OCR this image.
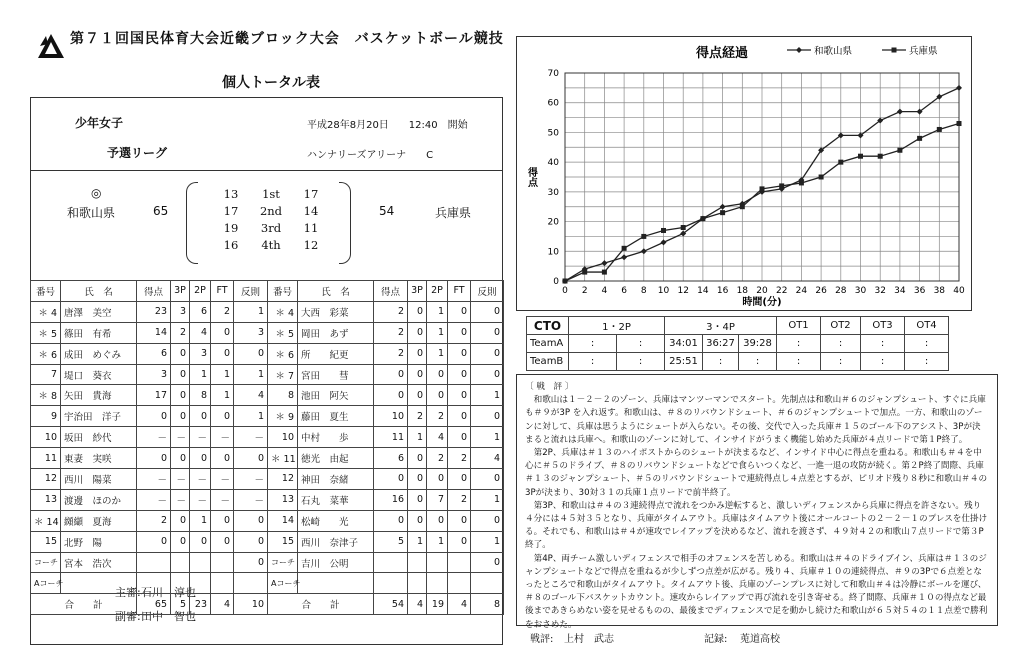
第７１回国民体育大会近畿ブロック大会　バスケットボール競技
個人トータル表
少年女子	平成28年8月20日　　12:40　開始
予選リーグ	ハンナリーズアリーナ　　C
◎
和歌山県	65
13	1st	17
17	2nd	14
19	3rd	11
16	4th	12
54	兵庫県
主審: 石川　淳也
副審: 田中　智也
番号	氏　名	得点	3P	2P	FT	反則
＊ 4	唐澤　美空	23	3	6	2	1
＊ 5	篠田　有希	14	2	4	0	3
＊ 6	成田　めぐみ	6	0	3	0	0
7	堤口　葵衣	3	0	1	1	1
＊ 8	矢田　貴海	17	0	8	1	4
9	宇治田　洋子	0	0	0	0	1
10	坂田　紗代	－	－	－	－	－
11	東妻　実咲	0	0	0	0	0
12	西川　陽菜	－	－	－	－	－
13	渡邊　ほのか	－	－	－	－	－
＊ 14	纐纈　夏海	2	0	1	0	0
15	北野　陽	0	0	0	0	0
コーチ	宮本　浩次					0
Aコーチ						
合　　計		65	5	23	4	10
番号	氏　名	得点	3P	2P	FT	反則
＊ 4	大西　彩菜	2	0	1	0	0
＊ 5	岡田　あず	2	0	1	0	0
＊ 6	所　　紀更	2	0	1	0	0
＊ 7	宮田　　彗	0	0	0	0	0
8	池田　阿矢	0	0	0	0	1
＊ 9	藤田　夏生	10	2	2	0	0
10	中村　　歩	11	1	4	0	1
＊ 11	徳光　由起	6	0	2	2	4
12	神田　奈緒	0	0	0	0	0
13	石丸　菜華	16	0	7	2	1
14	松崎　　光	0	0	0	0	0
15	西川　奈津子	5	1	1	0	1
コーチ	吉川　公明					0
Aコーチ						
合　　計		54	4	19	4	8
0 2 4 6 8 10 12 14 16 18 20 22 24 26 28 30 32 34 36 38 40
0
10
20
30
40
50
60
70
時間(分)
得点
得点経過	和歌山県	兵庫県
CTO	1・2P		3・4P			OT1	OT2	OT3	OT4
TeamA	:	:	34:01	36:27	39:28	:	:	:	:
TeamB	:	:	25:51	:	:	:	:	:	:
〔 戦　評 〕

和歌山は１－２－２のゾーン、兵庫はマンツーマンでスタート。先制点は和歌山＃６のジャンプシュート、すぐに兵庫も＃９が3P を入れ返す。和歌山は、＃８のリバウンドシュート、＃６のジャンプシュートで加点。一方、和歌山のゾーンに対して、兵庫は思うようにシュートが入らない。その後、交代で入った兵庫＃１５のゴール下のアシスト、3Pが決まると流れは兵庫へ。和歌山のゾーンに対して、インサイドがうまく機能し始めた兵庫が４点リードで第１P終了。

第2P、兵庫は＃１３のハイポストからのシュートが決まるなど、インサイド中心に得点を重ねる。和歌山も＃４を中心に＃５のドライブ、＃８のリバウンドシュートなどで食らいつくなど、一進一退の攻防が続く。第２P終了間際、兵庫＃１３のジャンプシュート、＃５のリバウンドシュートで連続得点し４点差とするが、ピリオド残り８秒に和歌山＃４の3Pが決まり、30対３１の兵庫１点リードで前半終了。

第3P、和歌山は＃４の３連続得点で流れをつかみ逆転すると、激しいディフェンスから兵庫に得点を許さない。残り４分には４５対３５となり、兵庫がタイムアウト。兵庫はタイムアウト後にオールコートの２－２－１のプレスを仕掛ける。それでも、和歌山は＃４が速攻でレイアップを決めるなど、流れを渡さず、４９対４２の和歌山７点リードで第３P終了。

第4P、両チーム激しいディフェンスで相手のオフェンスを苦しめる。和歌山は＃４のドライブイン、兵庫は＃１３のジャンプシュートなどで得点を重ねるが少しずつ点差が広がる。残り４、兵庫＃１０の連続得点、＃９の3Pで６点差となったところで和歌山がタイムアウト。タイムアウト後、兵庫のゾーンプレスに対して和歌山＃４は冷静にボールを運び、＃８のゴール下バスケットカウント。速攻からレイアップで再び流れを引き寄せる。終了間際、兵庫＃１０の得点など最後まであきらめない姿を見せるものの、最後までディフェンスで足を動かし続けた和歌山が６５対５４の１１点差で勝利をおさめた。

戦評: 上村　武志	記録: 莵道高校
